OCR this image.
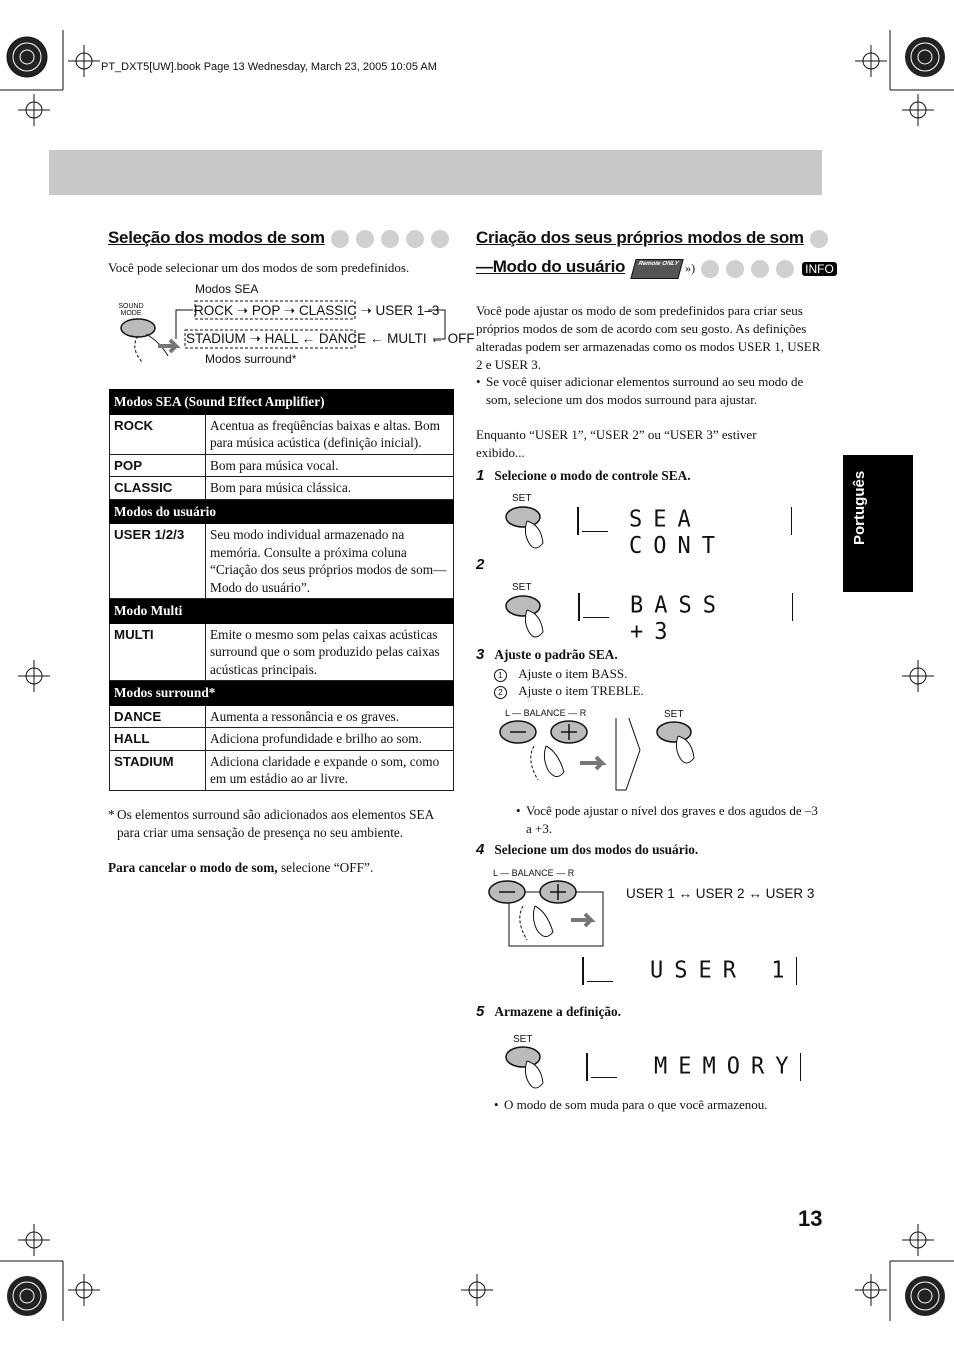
PT_DXT5[UW].book Page 13 Wednesday, March 23, 2005 10:05 AM
Português
13
Seleção dos modos de som
Você pode selecionar um dos modos de som predefinidos.
SOUND MODE
Modos SEA
ROCK ➝ POP ➝ CLASSIC ➝ USER 1–3
STADIUM ➝ HALL ← DANCE ← MULTI ← OFF
Modos surround*
Modos SEA (Sound Effect Amplifier)	
ROCK	Acentua as freqüências baixas e altas. Bom para música acústica (definição inicial).
POP	Bom para música vocal.
CLASSIC	Bom para música clássica.
Modos do usuário	
USER 1/2/3	Seu modo individual armazenado na memória. Consulte a próxima coluna “Criação dos seus próprios modos de som—Modo do usuário”.
Modo Multi	
MULTI	Emite o mesmo som pelas caixas acústicas surround que o som produzido pelas caixas acústicas principais.
Modos surround*	
DANCE	Aumenta a ressonância e os graves.
HALL	Adiciona profundidade e brilho ao som.
STADIUM	Adiciona claridade e expande o som, como em um estádio ao ar livre.
* Os elementos surround são adicionados aos elementos SEA para criar uma sensação de presença no seu ambiente.
Para cancelar o modo de som, selecione “OFF”.
Criação dos seus próprios modos de som
—Modo do usuário Remote ONLY »)	INFO
Você pode ajustar os modo de som predefinidos para criar seus próprios modos de som de acordo com seu gosto. As definições alteradas podem ser armazenadas como os modos USER 1, USER 2 e USER 3.
• Se você quiser adicionar elementos surround ao seu modo de som, selecione um dos modos surround para ajustar.
Enquanto “USER 1”, “USER 2” ou “USER 3” estiver exibido...
1 Selecione o modo de controle SEA.
SET
SEA CONT
2
SET
BASS +3
3 Ajuste o padrão SEA.
1 Ajuste o item BASS.
2 Ajuste o item TREBLE.
L — BALANCE — R	SET
• Você pode ajustar o nível dos graves e dos agudos de –3 a +3.
4 Selecione um dos modos do usuário.
L — BALANCE — R
USER 1 ↔ USER 2 ↔ USER 3
USER 1
5 Armazene a definição.
SET
MEMORY
• O modo de som muda para o que você armazenou.
